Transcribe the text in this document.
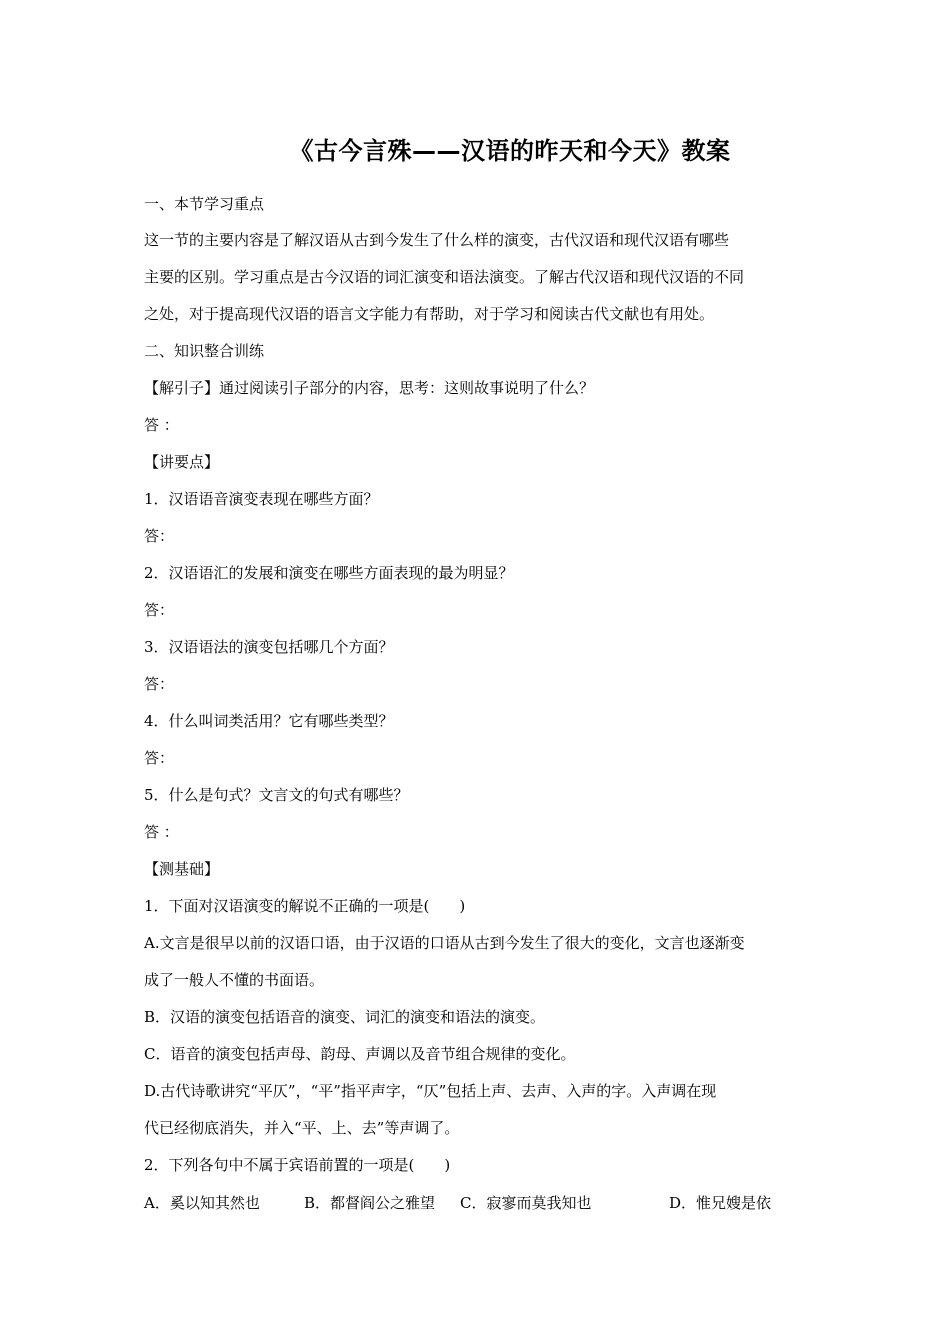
《古今言殊——汉语的昨天和今天》教案
一、本节学习重点
这一节的主要内容是了解汉语从古到今发生了什么样的演变，古代汉语和现代汉语有哪些
主要的区别。学习重点是古今汉语的词汇演变和语法演变。了解古代汉语和现代汉语的不同
之处，对于提高现代汉语的语言文字能力有帮助，对于学习和阅读古代文献也有用处。
二、知识整合训练
【解引子】通过阅读引子部分的内容，思考：这则故事说明了什么？
答 ：
【讲要点】
1．汉语语音演变表现在哪些方面？
答：
2．汉语语汇的发展和演变在哪些方面表现的最为明显？
答：
3．汉语语法的演变包括哪几个方面？
答：
4．什么叫词类活用？它有哪些类型？
答：
5．什么是句式？文言文的句式有哪些？
答 ：
【测基础】
1．下面对汉语演变的解说不正确的一项是(　　)
A.文言是很早以前的汉语口语，由于汉语的口语从古到今发生了很大的变化，文言也逐渐变
成了一般人不懂的书面语。
B．汉语的演变包括语音的演变、词汇的演变和语法的演变。
C．语音的演变包括声母、韵母、声调以及音节组合规律的变化。
D.古代诗歌讲究“平仄”，“平”指平声字，“仄”包括上声、去声、入声的字。入声调在现
代已经彻底消失，并入“平、上、去”等声调了。
2．下列各句中不属于宾语前置的一项是(　　)
A．奚以知其然也	B．都督阎公之雅望 C．寂寥而莫我知也	D．惟兄嫂是依
